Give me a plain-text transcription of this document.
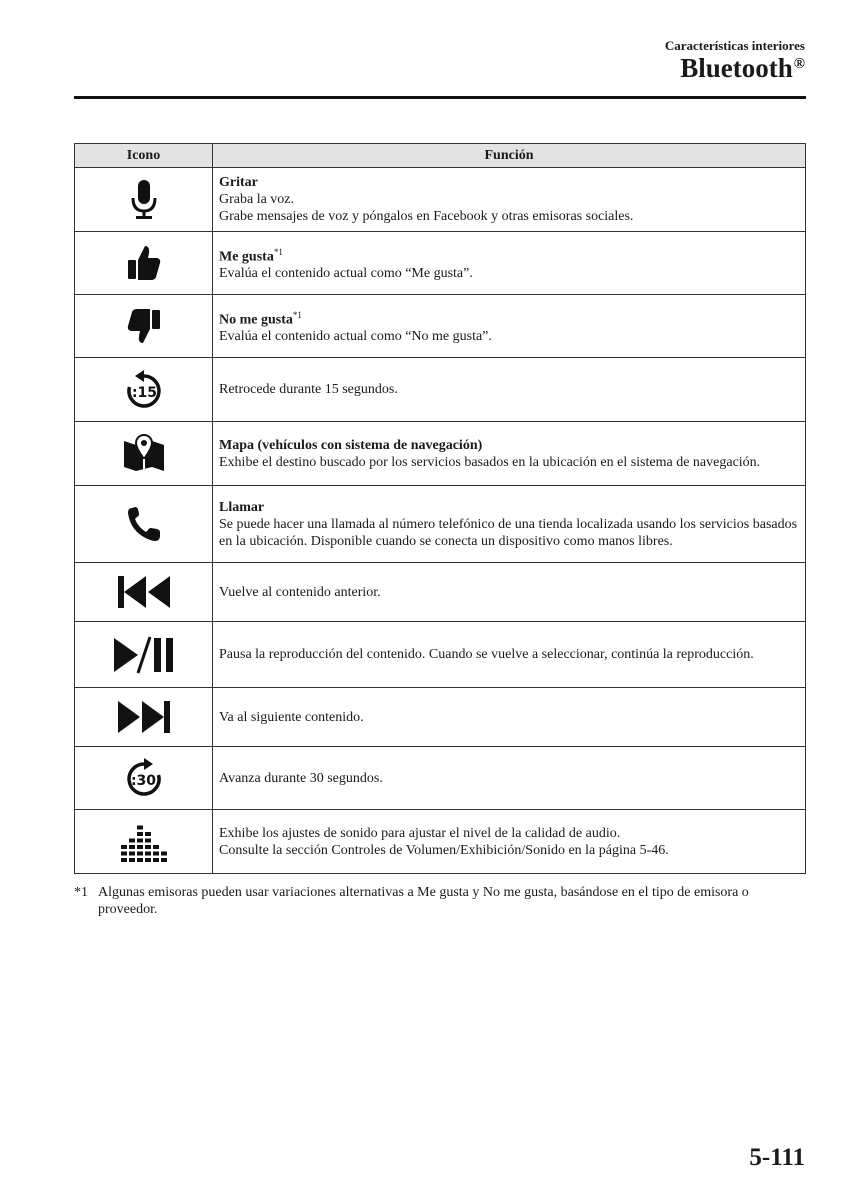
Características interiores
Bluetooth®
Icono	Función

Gritar
Graba la voz.
Grabe mensajes de voz y póngalos en Facebook y otras emisoras sociales.

Me gusta$^{*1}$
Evalúa el contenido actual como “Me gusta”.

No me gusta$^{*1}$
Evalúa el contenido actual como “No me gusta”.

:15	Retrocede durante 15 segundos.

Mapa (vehículos con sistema de navegación)
Exhibe el destino buscado por los servicios basados en la ubicación en el sistema de navegación.

Llamar
Se puede hacer una llamada al número telefónico de una tienda localizada usando los servicios basados en la ubicación. Disponible cuando se conecta un dispositivo como manos libres.

Vuelve al contenido anterior.

Pausa la reproducción del contenido. Cuando se vuelve a seleccionar, continúa la reproducción.

Va al siguiente contenido.

:30	Avanza durante 30 segundos.

Exhibe los ajustes de sonido para ajustar el nivel de la calidad de audio.
Consulte la sección Controles de Volumen/Exhibición/Sonido en la página 5-46.
*1 Algunas emisoras pueden usar variaciones alternativas a Me gusta y No me gusta, basándose en el tipo de emisora o proveedor.
5-111
